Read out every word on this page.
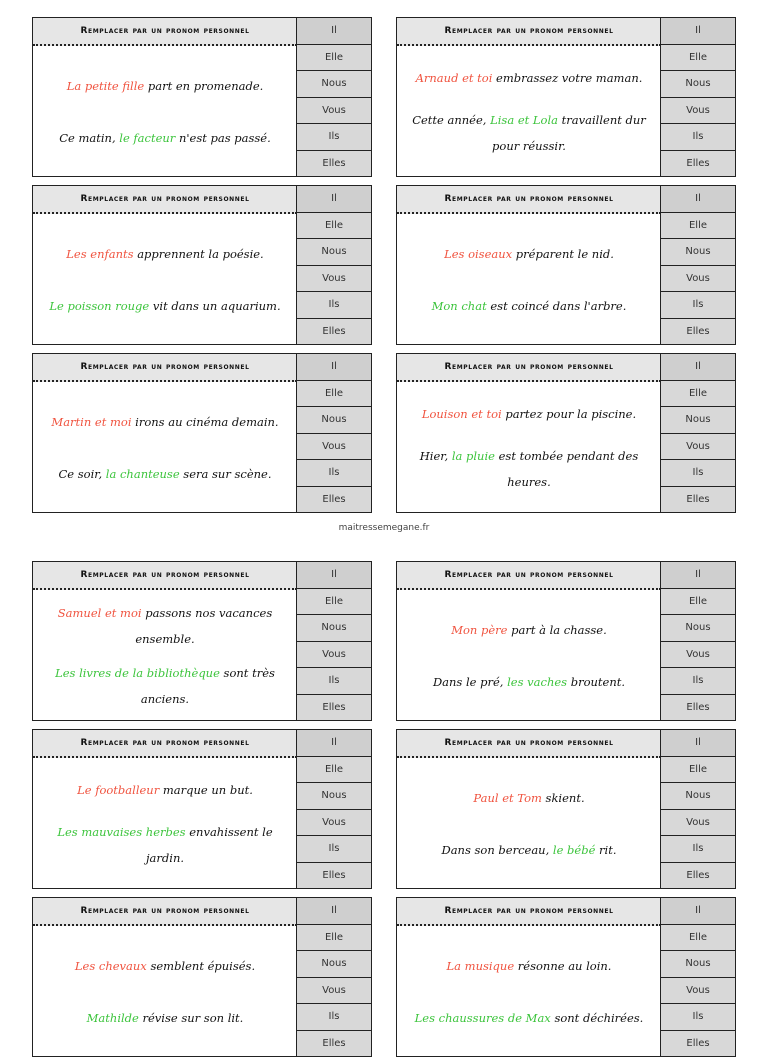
Remplacer par un pronom personnel
La petite fille part en promenade.
Ce matin, le facteur n'est pas passé.
Il
Elle
Nous
Vous
Ils
Elles
Remplacer par un pronom personnel
Arnaud et toi embrassez votre maman.
Cette année, Lisa et Lola travaillent dur pour réussir.
Il
Elle
Nous
Vous
Ils
Elles
Remplacer par un pronom personnel
Les enfants apprennent la poésie.
Le poisson rouge vit dans un aquarium.
Il
Elle
Nous
Vous
Ils
Elles
Remplacer par un pronom personnel
Les oiseaux préparent le nid.
Mon chat est coincé dans l'arbre.
Il
Elle
Nous
Vous
Ils
Elles
Remplacer par un pronom personnel
Martin et moi irons au cinéma demain.
Ce soir, la chanteuse sera sur scène.
Il
Elle
Nous
Vous
Ils
Elles
Remplacer par un pronom personnel
Louison et toi partez pour la piscine.
Hier, la pluie est tombée pendant des heures.
Il
Elle
Nous
Vous
Ils
Elles
maitressemegane.fr
Remplacer par un pronom personnel
Samuel et moi passons nos vacances ensemble.
Les livres de la bibliothèque sont très anciens.
Il
Elle
Nous
Vous
Ils
Elles
Remplacer par un pronom personnel
Mon père part à la chasse.
Dans le pré, les vaches broutent.
Il
Elle
Nous
Vous
Ils
Elles
Remplacer par un pronom personnel
Le footballeur marque un but.
Les mauvaises herbes envahissent le jardin.
Il
Elle
Nous
Vous
Ils
Elles
Remplacer par un pronom personnel
Paul et Tom skient.
Dans son berceau, le bébé rit.
Il
Elle
Nous
Vous
Ils
Elles
Remplacer par un pronom personnel
Les chevaux semblent épuisés.
Mathilde révise sur son lit.
Il
Elle
Nous
Vous
Ils
Elles
Remplacer par un pronom personnel
La musique résonne au loin.
Les chaussures de Max sont déchirées.
Il
Elle
Nous
Vous
Ils
Elles
